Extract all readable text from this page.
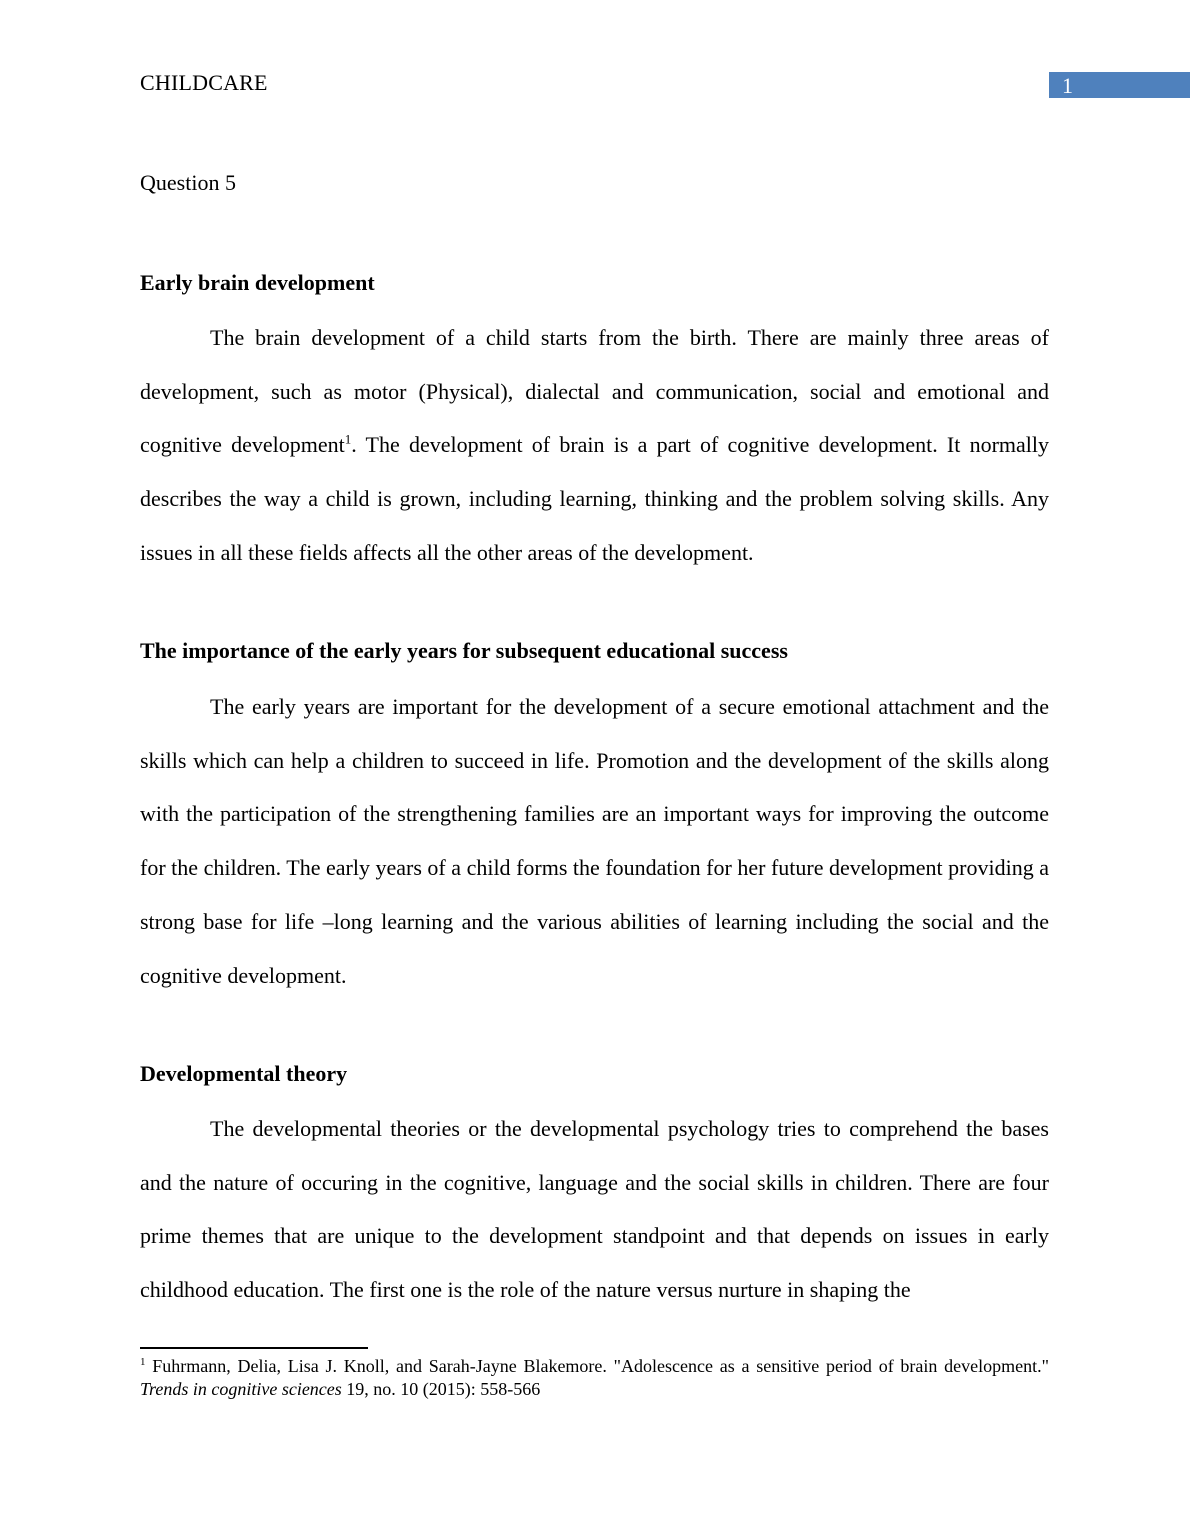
CHILDCARE	1
Question 5
Early brain development

The brain development of a child starts from the birth. There are mainly three areas of development, such as motor (Physical), dialectal and communication, social and emotional and cognitive development$^1$. The development of brain is a part of cognitive development. It normally describes the way a child is grown, including learning, thinking and the problem solving skills. Any issues in all these fields affects all the other areas of the development.

The importance of the early years for subsequent educational success

The early years are important for the development of a secure emotional attachment and the skills which can help a children to succeed in life. Promotion and the development of the skills along with the participation of the strengthening families are an important ways for improving the outcome for the children. The early years of a child forms the foundation for her future development providing a strong base for life –long learning and the various abilities of learning including the social and the cognitive development.

Developmental theory

The developmental theories or the developmental psychology tries to comprehend the bases and the nature of occuring in the cognitive, language and the social skills in children. There are four prime themes that are unique to the development standpoint and that depends on issues in early childhood education. The first one is the role of the nature versus nurture in shaping the

$^1$ Fuhrmann, Delia, Lisa J. Knoll, and Sarah-Jayne Blakemore. "Adolescence as a sensitive period of brain development." Trends in cognitive sciences 19, no. 10 (2015): 558-566
